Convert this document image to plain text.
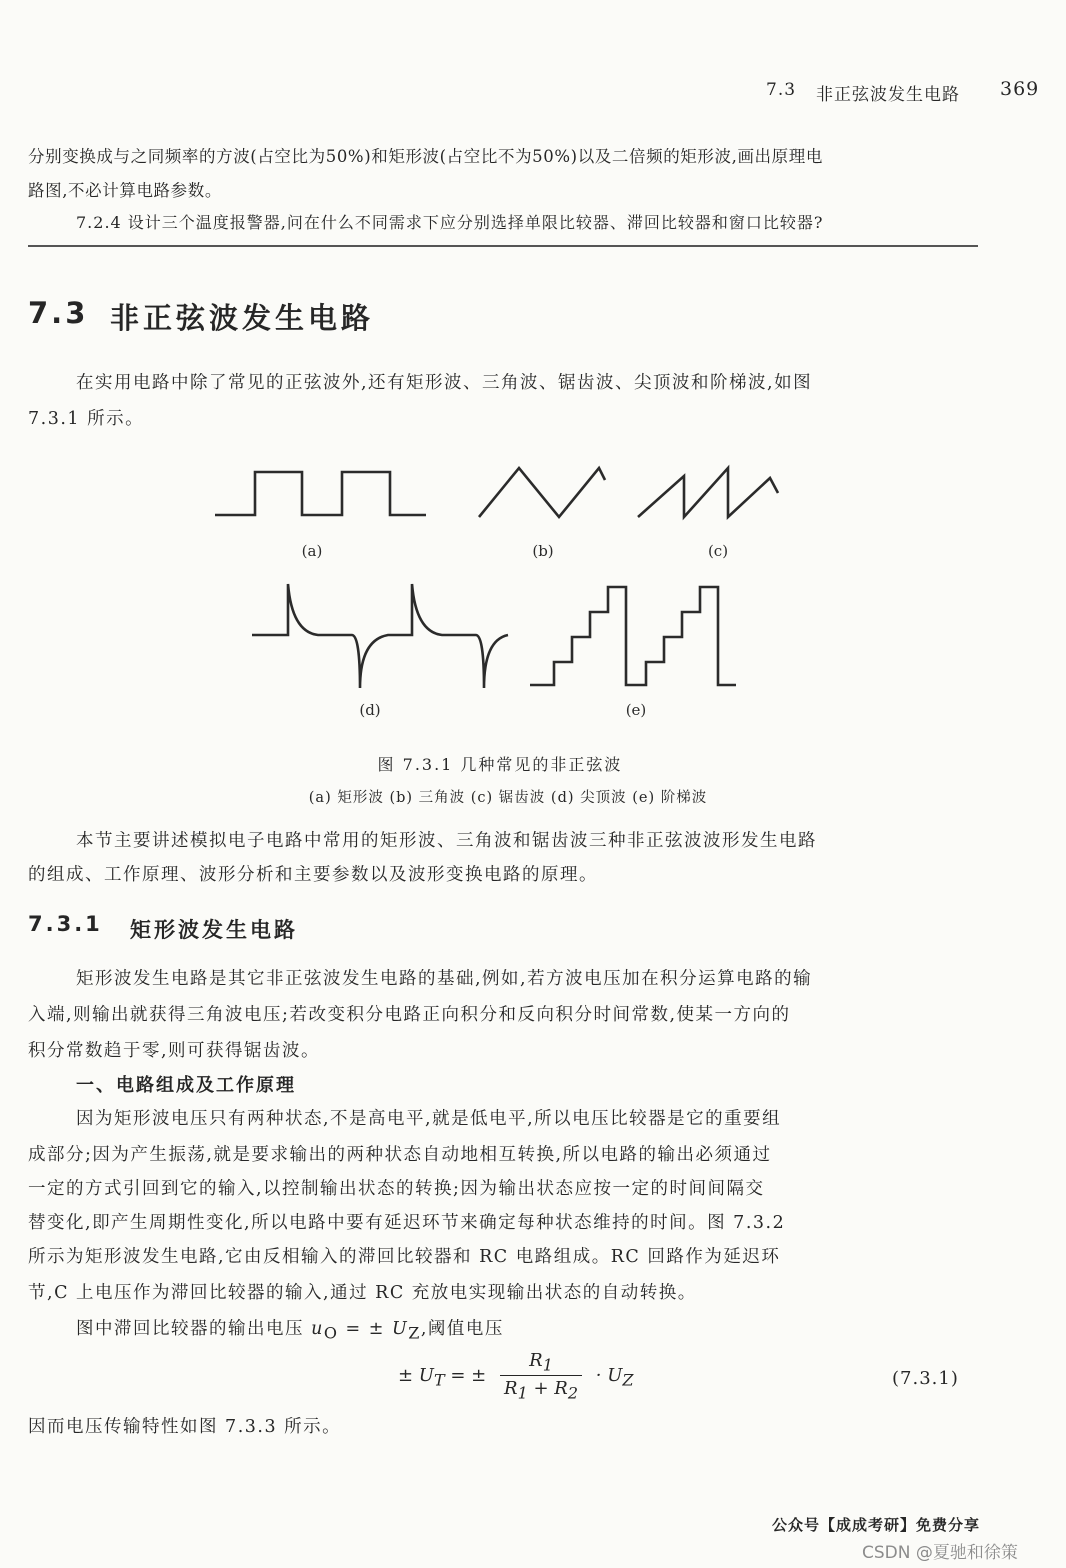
7.3 非正弦波发生电路 369
分别变换成与之同频率的方波(占空比为50%)和矩形波(占空比不为50%)以及二倍频的矩形波,画出原理电
路图,不必计算电路参数。
7.2.4 设计三个温度报警器,问在什么不同需求下应分别选择单限比较器、滞回比较器和窗口比较器?
7.3 非正弦波发生电路
在实用电路中除了常见的正弦波外,还有矩形波、三角波、锯齿波、尖顶波和阶梯波,如图
7.3.1 所示。
(a)	(b)	(c)
(d)	(e)
图 7.3.1 几种常见的非正弦波
(a) 矩形波 (b) 三角波 (c) 锯齿波 (d) 尖顶波 (e) 阶梯波
本节主要讲述模拟电子电路中常用的矩形波、三角波和锯齿波三种非正弦波波形发生电路
的组成、工作原理、波形分析和主要参数以及波形变换电路的原理。
7.3.1 矩形波发生电路
矩形波发生电路是其它非正弦波发生电路的基础,例如,若方波电压加在积分运算电路的输
入端,则输出就获得三角波电压;若改变积分电路正向积分和反向积分时间常数,使某一方向的
积分常数趋于零,则可获得锯齿波。
一、电路组成及工作原理
因为矩形波电压只有两种状态,不是高电平,就是低电平,所以电压比较器是它的重要组
成部分;因为产生振荡,就是要求输出的两种状态自动地相互转换,所以电路的输出必须通过
一定的方式引回到它的输入,以控制输出状态的转换;因为输出状态应按一定的时间间隔交
替变化,即产生周期性变化,所以电路中要有延迟环节来确定每种状态维持的时间。图 7.3.2
所示为矩形波发生电路,它由反相输入的滞回比较器和 RC 电路组成。RC 回路作为延迟环
节,C 上电压作为滞回比较器的输入,通过 RC 充放电实现输出状态的自动转换。
图中滞回比较器的输出电压 $u_O$ = ± $U_Z$,阈值电压
± $U_T$ = ± $\frac{R_1}{R_1 + R_2} \cdot U_Z$	(7.3.1)
因而电压传输特性如图 7.3.3 所示。
公众号【成成考研】免费分享
CSDN @夏驰和徐策
